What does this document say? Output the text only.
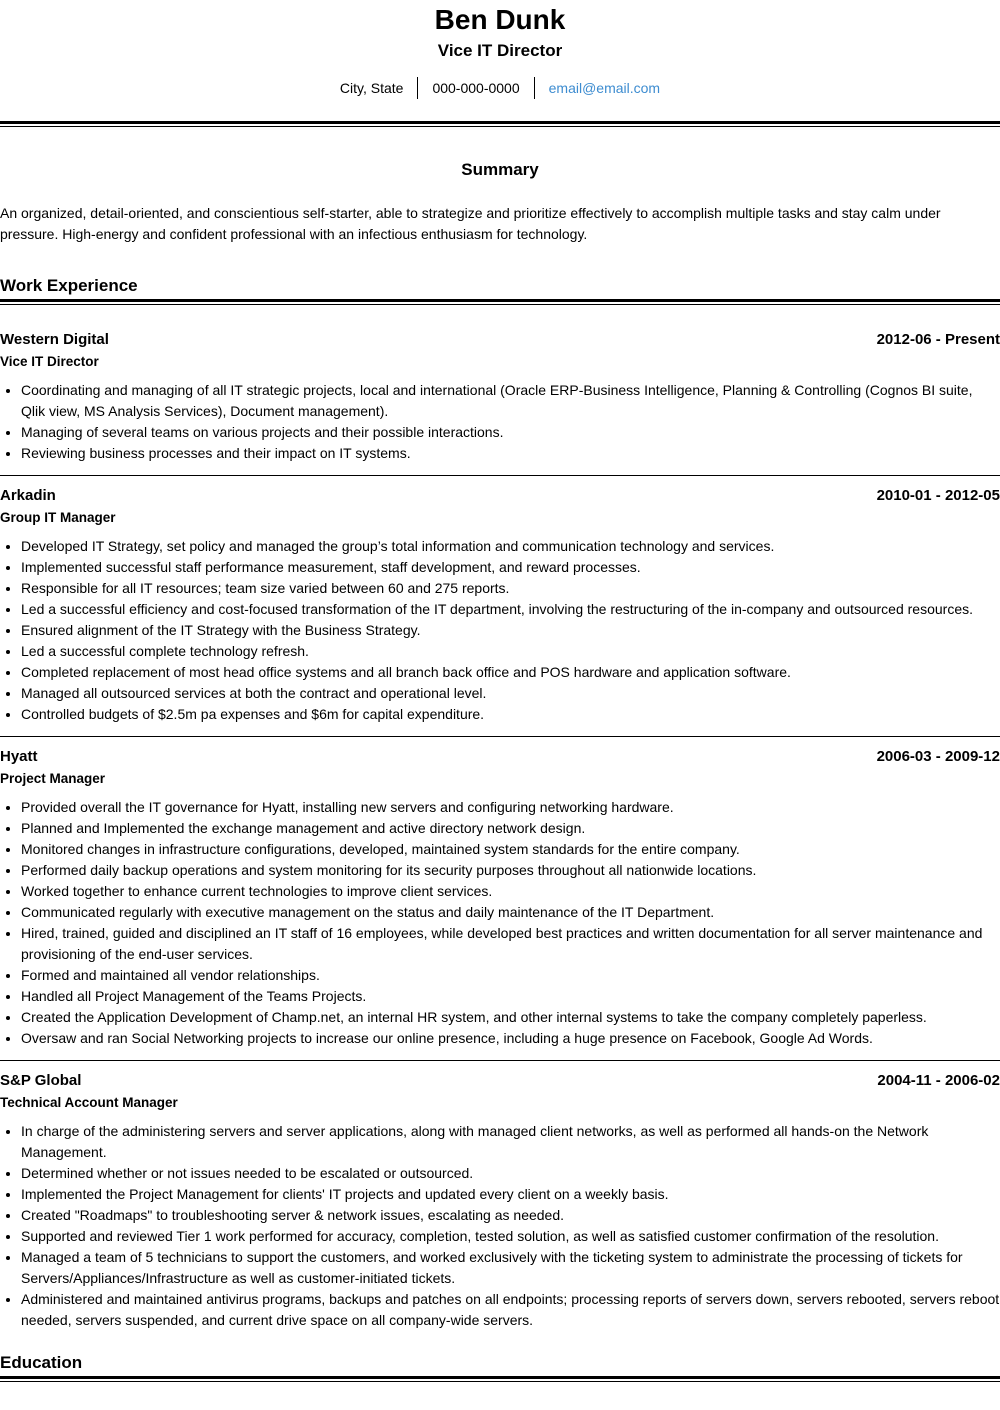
Ben Dunk
Vice IT Director
City, State	000-000-0000	email@email.com
Summary
An organized, detail-oriented, and conscientious self-starter, able to strategize and prioritize effectively to accomplish multiple tasks and stay calm under pressure. High-energy and confident professional with an infectious enthusiasm for technology.
Work Experience
Western Digital	2012-06 - Present
Vice IT Director
• Coordinating and managing of all IT strategic projects, local and international (Oracle ERP-Business Intelligence, Planning & Controlling (Cognos BI suite, Qlik view, MS Analysis Services), Document management).
• Managing of several teams on various projects and their possible interactions.
• Reviewing business processes and their impact on IT systems.
Arkadin	2010-01 - 2012-05
Group IT Manager
• Developed IT Strategy, set policy and managed the group’s total information and communication technology and services.
• Implemented successful staff performance measurement, staff development, and reward processes.
• Responsible for all IT resources; team size varied between 60 and 275 reports.
• Led a successful efficiency and cost-focused transformation of the IT department, involving the restructuring of the in-company and outsourced resources.
• Ensured alignment of the IT Strategy with the Business Strategy.
• Led a successful complete technology refresh.
• Completed replacement of most head office systems and all branch back office and POS hardware and application software.
• Managed all outsourced services at both the contract and operational level.
• Controlled budgets of $2.5m pa expenses and $6m for capital expenditure.
Hyatt	2006-03 - 2009-12
Project Manager
• Provided overall the IT governance for Hyatt, installing new servers and configuring networking hardware.
• Planned and Implemented the exchange management and active directory network design.
• Monitored changes in infrastructure configurations, developed, maintained system standards for the entire company.
• Performed daily backup operations and system monitoring for its security purposes throughout all nationwide locations.
• Worked together to enhance current technologies to improve client services.
• Communicated regularly with executive management on the status and daily maintenance of the IT Department.
• Hired, trained, guided and disciplined an IT staff of 16 employees, while developed best practices and written documentation for all server maintenance and provisioning of the end-user services.
• Formed and maintained all vendor relationships.
• Handled all Project Management of the Teams Projects.
• Created the Application Development of Champ.net, an internal HR system, and other internal systems to take the company completely paperless.
• Oversaw and ran Social Networking projects to increase our online presence, including a huge presence on Facebook, Google Ad Words.
S&P Global	2004-11 - 2006-02
Technical Account Manager
• In charge of the administering servers and server applications, along with managed client networks, as well as performed all hands-on the Network Management.
• Determined whether or not issues needed to be escalated or outsourced.
• Implemented the Project Management for clients' IT projects and updated every client on a weekly basis.
• Created "Roadmaps" to troubleshooting server & network issues, escalating as needed.
• Supported and reviewed Tier 1 work performed for accuracy, completion, tested solution, as well as satisfied customer confirmation of the resolution.
• Managed a team of 5 technicians to support the customers, and worked exclusively with the ticketing system to administrate the processing of tickets for Servers/Appliances/Infrastructure as well as customer-initiated tickets.
• Administered and maintained antivirus programs, backups and patches on all endpoints; processing reports of servers down, servers rebooted, servers reboot needed, servers suspended, and current drive space on all company-wide servers.
Education
